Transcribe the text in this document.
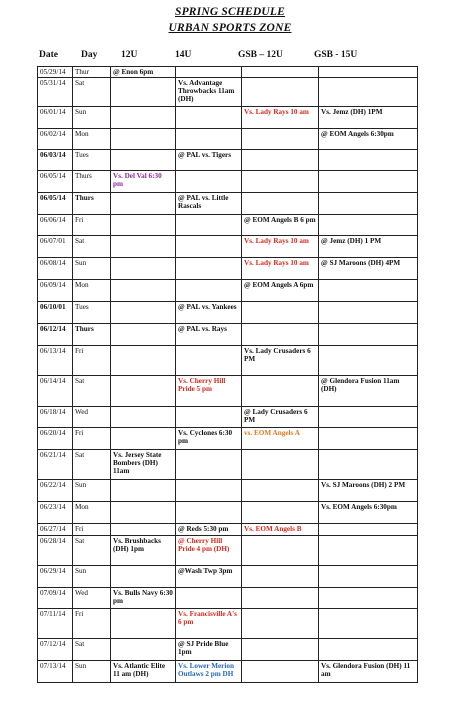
SPRING SCHEDULE
URBAN SPORTS ZONE
Date Day 12U	14U	GSB – 12U	GSB - 15U
05/29/14	Thur	@ Enon 6pm			
05/31/14	Sat		Vs. Advantage Throwbacks 11am (DH)		
06/01/14	Sun			Vs. Lady Rays 10 am	Vs. Jemz (DH) 1PM
06/02/14	Mon				@ EOM Angels 6:30pm
06/03/14	Tues		@ PAL vs. Tigers		
06/05/14	Thurs	Vs. Del Val 6:30 pm			
06/05/14	Thurs		@ PAL vs. Little Rascals		
06/06/14	Fri			@ EOM Angels B 6 pm	
06/07/01	Sat			Vs. Lady Rays 10 am	@ Jemz (DH) 1 PM
06/08/14	Sun			Vs. Lady Rays 10 am	@ SJ Maroons (DH) 4PM
06/09/14	Mon			@ EOM Angels A 6pm	
06/10/01	Tues		@ PAL vs. Yankees		
06/12/14	Thurs		@ PAL vs. Rays		
06/13/14	Fri			Vs. Lady Crusaders 6 PM	
06/14/14	Sat		Vs. Cherry Hill Pride 5 pm		@ Glendora Fusion 11am (DH)
06/18/14	Wed			@ Lady Crusaders 6 PM	
06/20/14	Fri		Vs. Cyclones 6:30 pm	vs. EOM Angels A	
06/21/14	Sat	Vs. Jersey State Bombers (DH) 11am			
06/22/14	Sun				Vs. SJ Maroons (DH) 2 PM
06/23/14	Mon				Vs. EOM Angels 6:30pm
06/27/14	Fri		@ Reds 5:30 pm	Vs. EOM Angels B	
06/28/14	Sat	Vs. Brushbacks (DH) 1pm	@ Cherry Hill Pride 4 pm (DH)		
06/29/14	Sun		@Wash Twp 3pm		
07/09/14	Wed	Vs. Bulls Navy 6:30 pm			
07/11/14	Fri		Vs. Francisville A's 6 pm		
07/12/14	Sat		@ SJ Pride Blue 1pm		
07/13/14	Sun	Vs. Atlantic Elite 11 am (DH)	Vs. Lower Merion Outlaws 2 pm DH		Vs. Glendora Fusion (DH) 11 am
